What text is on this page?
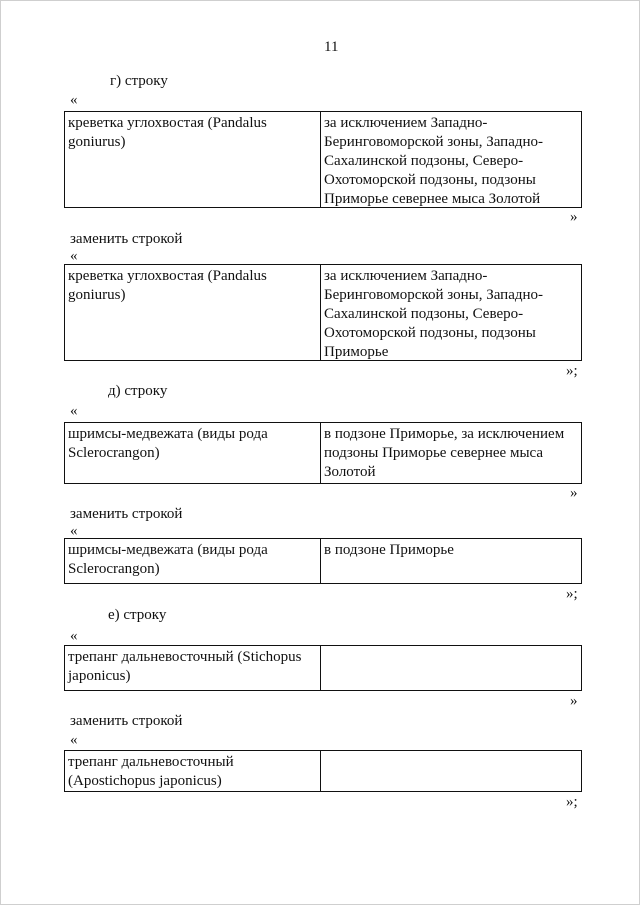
11
г) строку
«
креветка углохвостая (Pandalus
goniurus)
за исключением Западно-
Беринговоморской зоны, Западно-
Сахалинской подзоны, Северо-
Охотоморской подзоны, подзоны
Приморье севернее мыса Золотой
»
заменить строкой
«
креветка углохвостая (Pandalus
goniurus)
за исключением Западно-
Беринговоморской зоны, Западно-
Сахалинской подзоны, Северо-
Охотоморской подзоны, подзоны
Приморье
»;
д) строку
«
шримсы-медвежата (виды рода
Sclerocrangon)
в подзоне Приморье, за исключением
подзоны Приморье севернее мыса
Золотой
»
заменить строкой
«
шримсы-медвежата (виды рода
Sclerocrangon)
в подзоне Приморье
»;
е) строку
«
трепанг дальневосточный (Stichopus
japonicus)
»
заменить строкой
«
трепанг дальневосточный
(Apostichopus japonicus)
»;
